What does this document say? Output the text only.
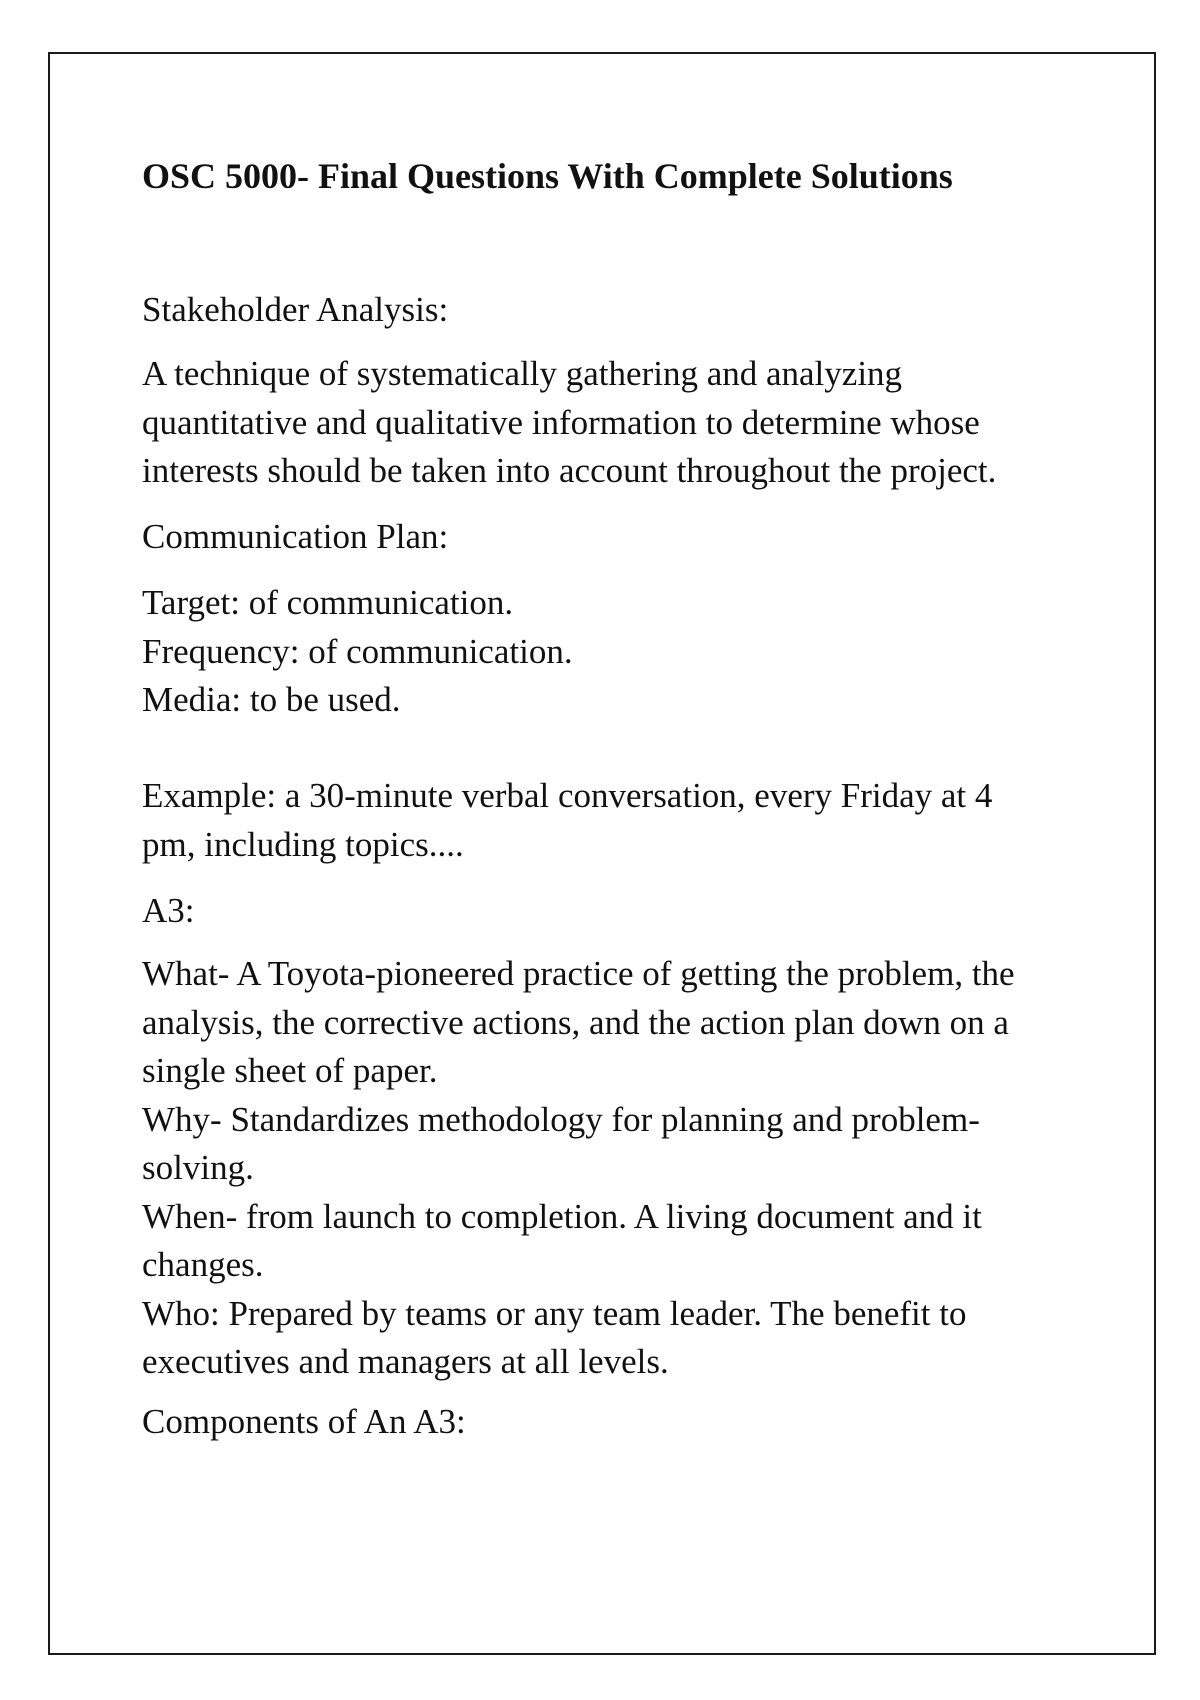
OSC 5000- Final Questions With Complete Solutions

Stakeholder Analysis:

A technique of systematically gathering and analyzing
quantitative and qualitative information to determine whose
interests should be taken into account throughout the project.

Communication Plan:

Target: of communication.
Frequency: of communication.
Media: to be used.

Example: a 30-minute verbal conversation, every Friday at 4
pm, including topics....

A3:

What- A Toyota-pioneered practice of getting the problem, the
analysis, the corrective actions, and the action plan down on a
single sheet of paper.
Why- Standardizes methodology for planning and problem-
solving.
When- from launch to completion. A living document and it
changes.
Who: Prepared by teams or any team leader. The benefit to
executives and managers at all levels.

Components of An A3:
